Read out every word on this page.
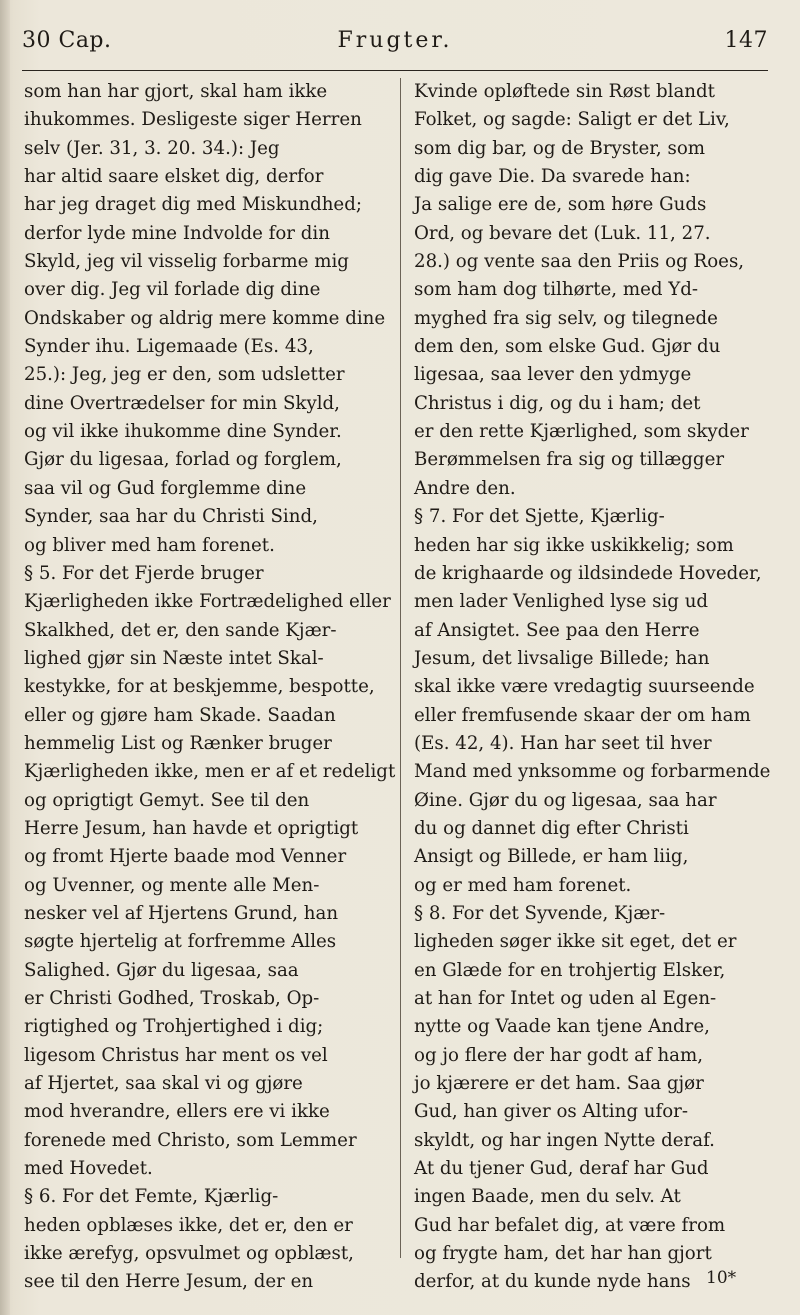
30 Cap.	Frugter.	147
som han har gjort, skal ham ikke
ihukommes. Desligeste siger Herren
selv (Jer. 31, 3. 20. 34.): Jeg
har altid saare elsket dig, derfor
har jeg draget dig med Miskundhed;
derfor lyde mine Indvolde for din
Skyld, jeg vil visselig forbarme mig
over dig. Jeg vil forlade dig dine
Ondskaber og aldrig mere komme dine
Synder ihu. Ligemaade (Es. 43,
25.): Jeg, jeg er den, som udsletter
dine Overtrædelser for min Skyld,
og vil ikke ihukomme dine Synder.
Gjør du ligesaa, forlad og forglem,
saa vil og Gud forglemme dine
Synder, saa har du Christi Sind,
og bliver med ham forenet.
§ 5. For det Fjerde bruger
Kjærligheden ikke Fortrædelighed eller
Skalkhed, det er, den sande Kjær-
lighed gjør sin Næste intet Skal-
kestykke, for at beskjemme, bespotte,
eller og gjøre ham Skade. Saadan
hemmelig List og Rænker bruger
Kjærligheden ikke, men er af et redeligt
og oprigtigt Gemyt. See til den
Herre Jesum, han havde et oprigtigt
og fromt Hjerte baade mod Venner
og Uvenner, og mente alle Men-
nesker vel af Hjertens Grund, han
søgte hjertelig at forfremme Alles
Salighed. Gjør du ligesaa, saa
er Christi Godhed, Troskab, Op-
rigtighed og Trohjertighed i dig;
ligesom Christus har ment os vel
af Hjertet, saa skal vi og gjøre
mod hverandre, ellers ere vi ikke
forenede med Christo, som Lemmer
med Hovedet.
§ 6. For det Femte, Kjærlig-
heden opblæses ikke, det er, den er
ikke ærefyg, opsvulmet og opblæst,
see til den Herre Jesum, der en
Kvinde opløftede sin Røst blandt
Folket, og sagde: Saligt er det Liv,
som dig bar, og de Bryster, som
dig gave Die. Da svarede han:
Ja salige ere de, som høre Guds
Ord, og bevare det (Luk. 11, 27.
28.) og vente saa den Priis og Roes,
som ham dog tilhørte, med Yd-
myghed fra sig selv, og tilegnede
dem den, som elske Gud. Gjør du
ligesaa, saa lever den ydmyge
Christus i dig, og du i ham; det
er den rette Kjærlighed, som skyder
Berømmelsen fra sig og tillægger
Andre den.
§ 7. For det Sjette, Kjærlig-
heden har sig ikke uskikkelig; som
de krighaarde og ildsindede Hoveder,
men lader Venlighed lyse sig ud
af Ansigtet. See paa den Herre
Jesum, det livsalige Billede; han
skal ikke være vredagtig suurseende
eller fremfusende skaar der om ham
(Es. 42, 4). Han har seet til hver
Mand med ynksomme og forbarmende
Øine. Gjør du og ligesaa, saa har
du og dannet dig efter Christi
Ansigt og Billede, er ham liig,
og er med ham forenet.
§ 8. For det Syvende, Kjær-
ligheden søger ikke sit eget, det er
en Glæde for en trohjertig Elsker,
at han for Intet og uden al Egen-
nytte og Vaade kan tjene Andre,
og jo flere der har godt af ham,
jo kjærere er det ham. Saa gjør
Gud, han giver os Alting ufor-
skyldt, og har ingen Nytte deraf.
At du tjener Gud, deraf har Gud
ingen Baade, men du selv. At
Gud har befalet dig, at være from
og frygte ham, det har han gjort
derfor, at du kunde nyde hans 10*
